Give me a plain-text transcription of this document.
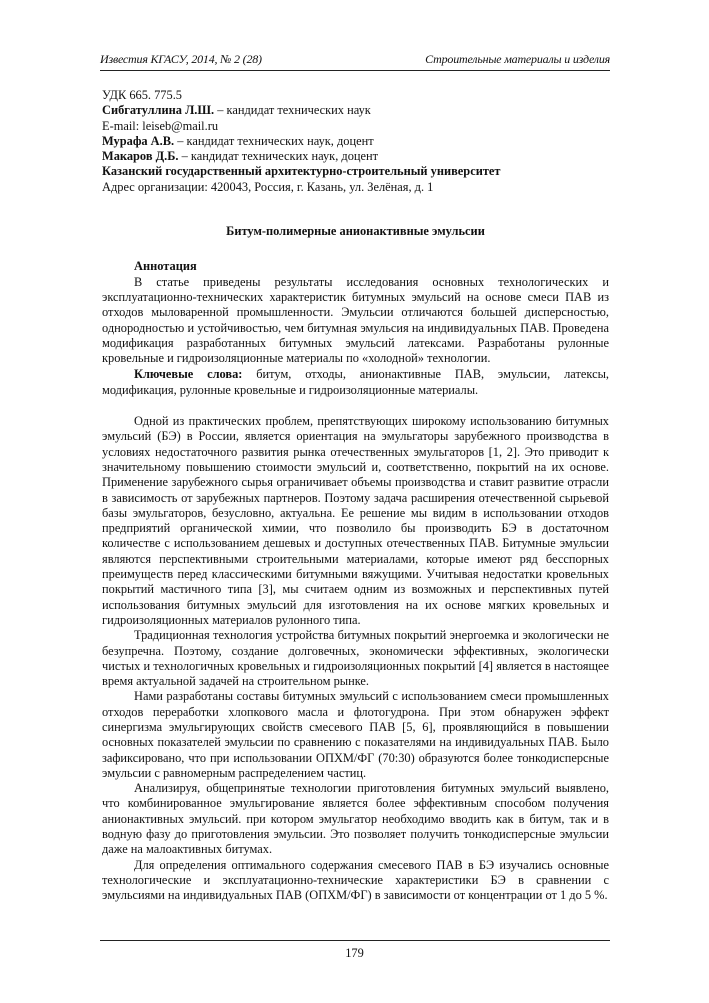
Известия КГАСУ, 2014, № 2 (28)	Строительные материалы и изделия

УДК 665. 775.5

Сибгатуллина Л.Ш. – кандидат технических наук

E-mail: leiseb@mail.ru

Мурафа А.В. – кандидат технических наук, доцент

Макаров Д.Б. – кандидат технических наук, доцент

Казанский государственный архитектурно-строительный университет

Адрес организации: 420043, Россия, г. Казань, ул. Зелёная, д. 1

Битум-полимерные анионактивные эмульсии

Аннотация

В статье приведены результаты исследования основных технологических и эксплуатационно-технических характеристик битумных эмульсий на основе смеси ПАВ из отходов мыловаренной промышленности. Эмульсии отличаются большей дисперсностью, однородностью и устойчивостью, чем битумная эмульсия на индивидуальных ПАВ. Проведена модификация разработанных битумных эмульсий латексами. Разработаны рулонные кровельные и гидроизоляционные материалы по «холодной» технологии.

Ключевые слова: битум, отходы, анионактивные ПАВ, эмульсии, латексы, модификация, рулонные кровельные и гидроизоляционные материалы.

Одной из практических проблем, препятствующих широкому использованию битумных эмульсий (БЭ) в России, является ориентация на эмульгаторы зарубежного производства в условиях недостаточного развития рынка отечественных эмульгаторов [1, 2]. Это приводит к значительному повышению стоимости эмульсий и, соответственно, покрытий на их основе. Применение зарубежного сырья ограничивает объемы производства и ставит развитие отрасли в зависимость от зарубежных партнеров. Поэтому задача расширения отечественной сырьевой базы эмульгаторов, безусловно, актуальна. Ее решение мы видим в использовании отходов предприятий органической химии, что позволило бы производить БЭ в достаточном количестве с использованием дешевых и доступных отечественных ПАВ. Битумные эмульсии являются перспективными строительными материалами, которые имеют ряд бесспорных преимуществ перед классическими битумными вяжущими. Учитывая недостатки кровельных покрытий мастичного типа [3], мы считаем одним из возможных и перспективных путей использования битумных эмульсий для изготовления на их основе мягких кровельных и гидроизоляционных материалов рулонного типа.

Традиционная технология устройства битумных покрытий энергоемка и экологически не безупречна. Поэтому, создание долговечных, экономически эффективных, экологически чистых и технологичных кровельных и гидроизоляционных покрытий [4] является в настоящее время актуальной задачей на строительном рынке.

Нами разработаны составы битумных эмульсий с использованием смеси промышленных отходов переработки хлопкового масла и флотогудрона. При этом обнаружен эффект синергизма эмульгирующих свойств смесевого ПАВ [5, 6], проявляющийся в повышении основных показателей эмульсии по сравнению с показателями на индивидуальных ПАВ. Было зафиксировано, что при использовании ОПХМ/ФГ (70:30) образуются более тонкодисперсные эмульсии с равномерным распределением частиц.

Анализируя, общепринятые технологии приготовления битумных эмульсий выявлено, что комбинированное эмульгирование является более эффективным способом получения анионактивных эмульсий. при котором эмульгатор необходимо вводить как в битум, так и в водную фазу до приготовления эмульсии. Это позволяет получить тонкодисперсные эмульсии даже на малоактивных битумах.

Для определения оптимального содержания смесевого ПАВ в БЭ изучались основные технологические и эксплуатационно-технические характеристики БЭ в сравнении с эмульсиями на индивидуальных ПАВ (ОПХМ/ФГ) в зависимости от концентрации от 1 до 5 %.

179
